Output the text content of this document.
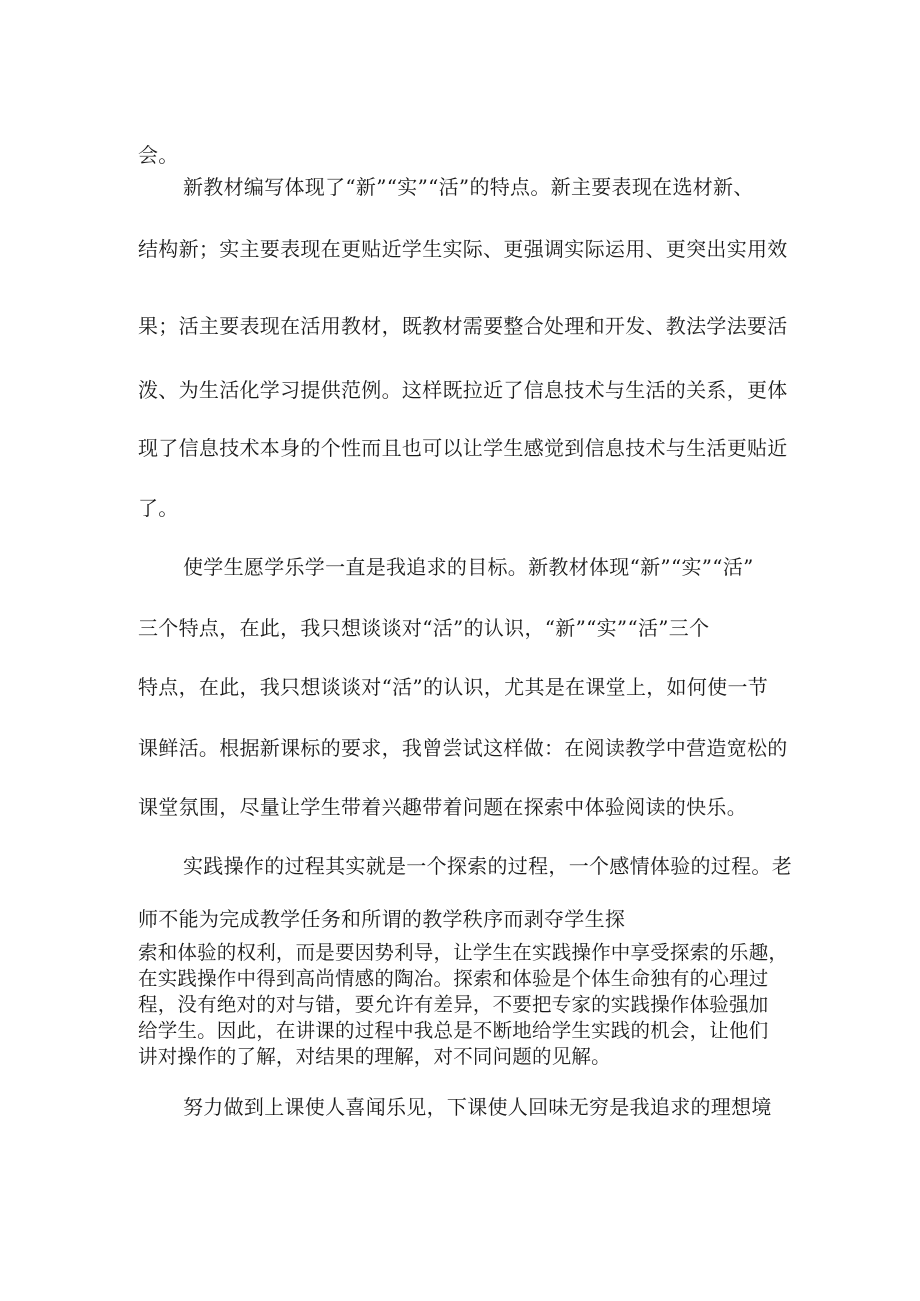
会。
新教材编写体现了“新”“实”“活”的特点。新主要表现在选材新、
结构新；实主要表现在更贴近学生实际、更强调实际运用、更突出实用效
果；活主要表现在活用教材，既教材需要整合处理和开发、教法学法要活
泼、为生活化学习提供范例。这样既拉近了信息技术与生活的关系，更体
现了信息技术本身的个性而且也可以让学生感觉到信息技术与生活更贴近
了。
使学生愿学乐学一直是我追求的目标。新教材体现“新”“实”“活”
三个特点，在此，我只想谈谈对“活”的认识，“新”“实”“活”三个
特点，在此，我只想谈谈对“活”的认识，尤其是在课堂上，如何使一节
课鲜活。根据新课标的要求，我曾尝试这样做：在阅读教学中营造宽松的
课堂氛围，尽量让学生带着兴趣带着问题在探索中体验阅读的快乐。
实践操作的过程其实就是一个探索的过程，一个感情体验的过程。老
师不能为完成教学任务和所谓的教学秩序而剥夺学生探
索和体验的权利，而是要因势利导，让学生在实践操作中享受探索的乐趣，
在实践操作中得到高尚情感的陶冶。探索和体验是个体生命独有的心理过
程，没有绝对的对与错，要允许有差异，不要把专家的实践操作体验强加
给学生。因此，在讲课的过程中我总是不断地给学生实践的机会，让他们
讲对操作的了解，对结果的理解，对不同问题的见解。
努力做到上课使人喜闻乐见，下课使人回味无穷是我追求的理想境
